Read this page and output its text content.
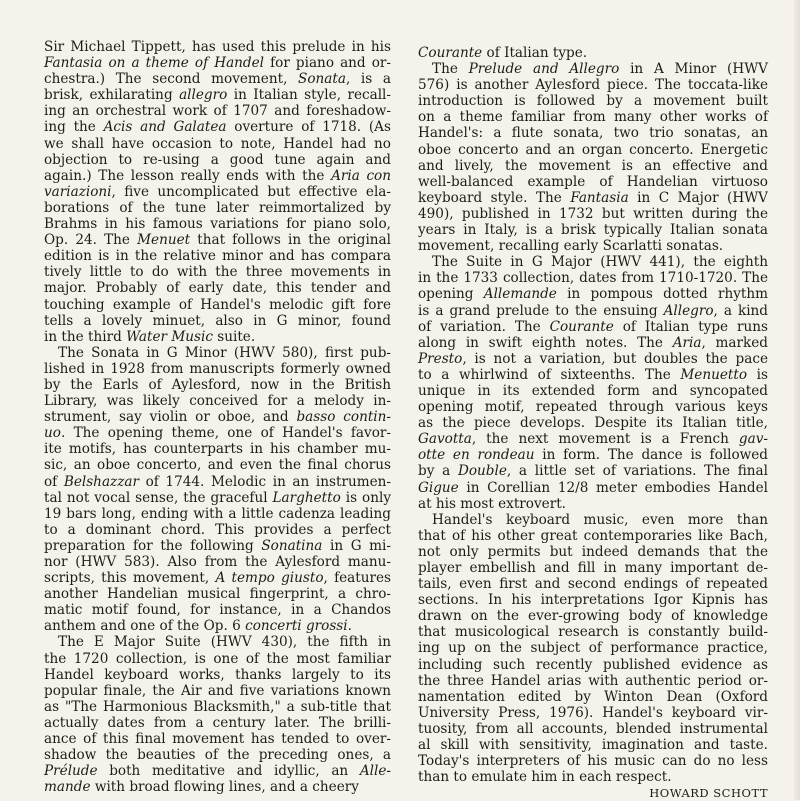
Sir Michael Tippett, has used this prelude in his
Fantasia on a theme of Handel for piano and or-
chestra.) The second movement, Sonata, is a
brisk, exhilarating allegro in Italian style, recall-
ing an orchestral work of 1707 and foreshadow-
ing the Acis and Galatea overture of 1718. (As
we shall have occasion to note, Handel had no
objection to re-using a good tune again and
again.) The lesson really ends with the Aria con
variazioni, five uncomplicated but effective ela-
borations of the tune later reimmortalized by
Brahms in his famous variations for piano solo,
Op. 24. The Menuet that follows in the original
edition is in the relative minor and has compara
tively little to do with the three movements in
major. Probably of early date, this tender and
touching example of Handel's melodic gift fore
tells a lovely minuet, also in G minor, found
in the third Water Music suite.
The Sonata in G Minor (HWV 580), first pub-
lished in 1928 from manuscripts formerly owned
by the Earls of Aylesford, now in the British
Library, was likely conceived for a melody in-
strument, say violin or oboe, and basso contin-
uo. The opening theme, one of Handel's favor-
ite motifs, has counterparts in his chamber mu-
sic, an oboe concerto, and even the final chorus
of Belshazzar of 1744. Melodic in an instrumen-
tal not vocal sense, the graceful Larghetto is only
19 bars long, ending with a little cadenza leading
to a dominant chord. This provides a perfect
preparation for the following Sonatina in G mi-
nor (HWV 583). Also from the Aylesford manu-
scripts, this movement, A tempo giusto, features
another Handelian musical fingerprint, a chro-
matic motif found, for instance, in a Chandos
anthem and one of the Op. 6 concerti grossi.
The E Major Suite (HWV 430), the fifth in
the 1720 collection, is one of the most familiar
Handel keyboard works, thanks largely to its
popular finale, the Air and five variations known
as "The Harmonious Blacksmith," a sub-title that
actually dates from a century later. The brilli-
ance of this final movement has tended to over-
shadow the beauties of the preceding ones, a
Prélude both meditative and idyllic, an Alle-
mande with broad flowing lines, and a cheery
Courante of Italian type.
The Prelude and Allegro in A Minor (HWV
576) is another Aylesford piece. The toccata-like
introduction is followed by a movement built
on a theme familiar from many other works of
Handel's: a flute sonata, two trio sonatas, an
oboe concerto and an organ concerto. Energetic
and lively, the movement is an effective and
well-balanced example of Handelian virtuoso
keyboard style. The Fantasia in C Major (HWV
490), published in 1732 but written during the
years in Italy, is a brisk typically Italian sonata
movement, recalling early Scarlatti sonatas.
The Suite in G Major (HWV 441), the eighth
in the 1733 collection, dates from 1710-1720. The
opening Allemande in pompous dotted rhythm
is a grand prelude to the ensuing Allegro, a kind
of variation. The Courante of Italian type runs
along in swift eighth notes. The Aria, marked
Presto, is not a variation, but doubles the pace
to a whirlwind of sixteenths. The Menuetto is
unique in its extended form and syncopated
opening motif, repeated through various keys
as the piece develops. Despite its Italian title,
Gavotta, the next movement is a French gav-
otte en rondeau in form. The dance is followed
by a Double, a little set of variations. The final
Gigue in Corellian 12/8 meter embodies Handel
at his most extrovert.
Handel's keyboard music, even more than
that of his other great contemporaries like Bach,
not only permits but indeed demands that the
player embellish and fill in many important de-
tails, even first and second endings of repeated
sections. In his interpretations Igor Kipnis has
drawn on the ever-growing body of knowledge
that musicological research is constantly build-
ing up on the subject of performance practice,
including such recently published evidence as
the three Handel arias with authentic period or-
namentation edited by Winton Dean (Oxford
University Press, 1976). Handel's keyboard vir-
tuosity, from all accounts, blended instrumental
al skill with sensitivity, imagination and taste.
Today's interpreters of his music can do no less
than to emulate him in each respect.
HOWARD SCHOTT
